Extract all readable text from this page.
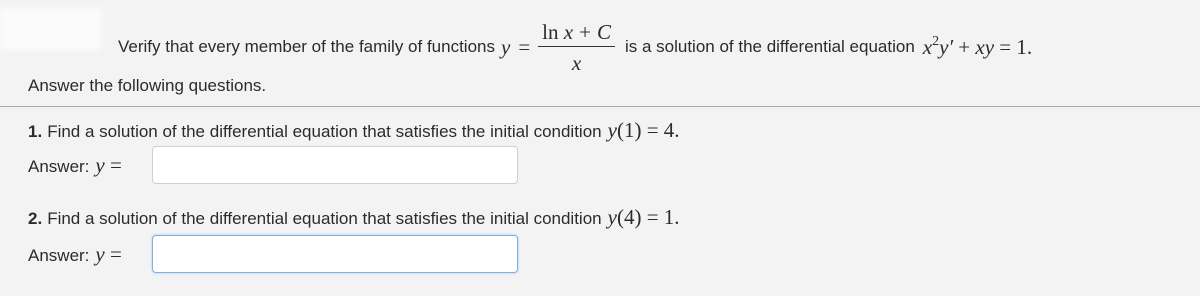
Verify that every member of the family of functions $y = \frac{\text{ln x + C}}{x}$ is a solution of the differential equation $x^2y'$ + xy = 1.
Answer the following questions.
1. Find a solution of the differential equation that satisfies the initial condition y(1) = 4.
Answer: y =
2. Find a solution of the differential equation that satisfies the initial condition y(4) = 1.
Answer: y =
